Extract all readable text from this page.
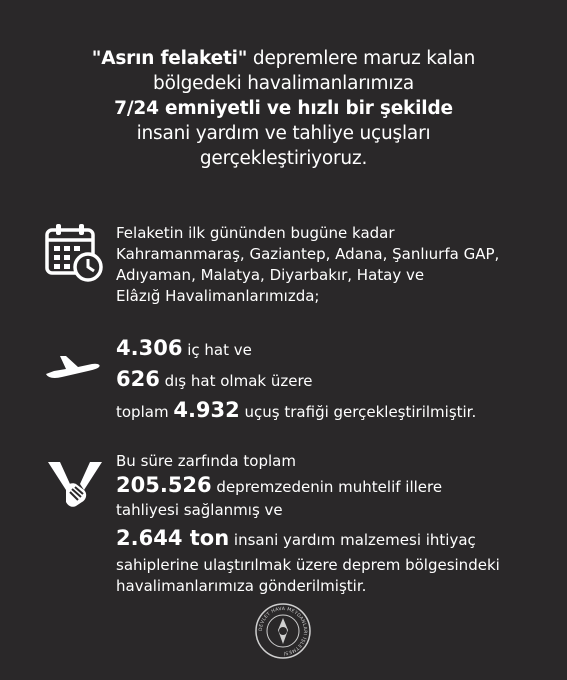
"Asrın felaketi" depremlere maruz kalan
bölgedeki havalimanlarımıza
7/24 emniyetli ve hızlı bir şekilde
insani yardım ve tahliye uçuşları
gerçekleştiriyoruz.
Felaketin ilk gününden bugüne kadar
Kahramanmaraş, Gaziantep, Adana, Şanlıurfa GAP,
Adıyaman, Malatya, Diyarbakır, Hatay ve
Elâzığ Havalimanlarımızda;
4.306 iç hat ve
626 dış hat olmak üzere
toplam 4.932 uçuş trafiği gerçekleştirilmiştir.
Bu süre zarfında toplam
205.526 depremzedenin muhtelif illere
tahliyesi sağlanmış ve
2.644 ton insani yardım malzemesi ihtiyaç
sahiplerine ulaştırılmak üzere deprem bölgesindeki
havalimanlarımıza gönderilmiştir.
DEVLET HAVA MEYDANLARI İŞLETMESİ
